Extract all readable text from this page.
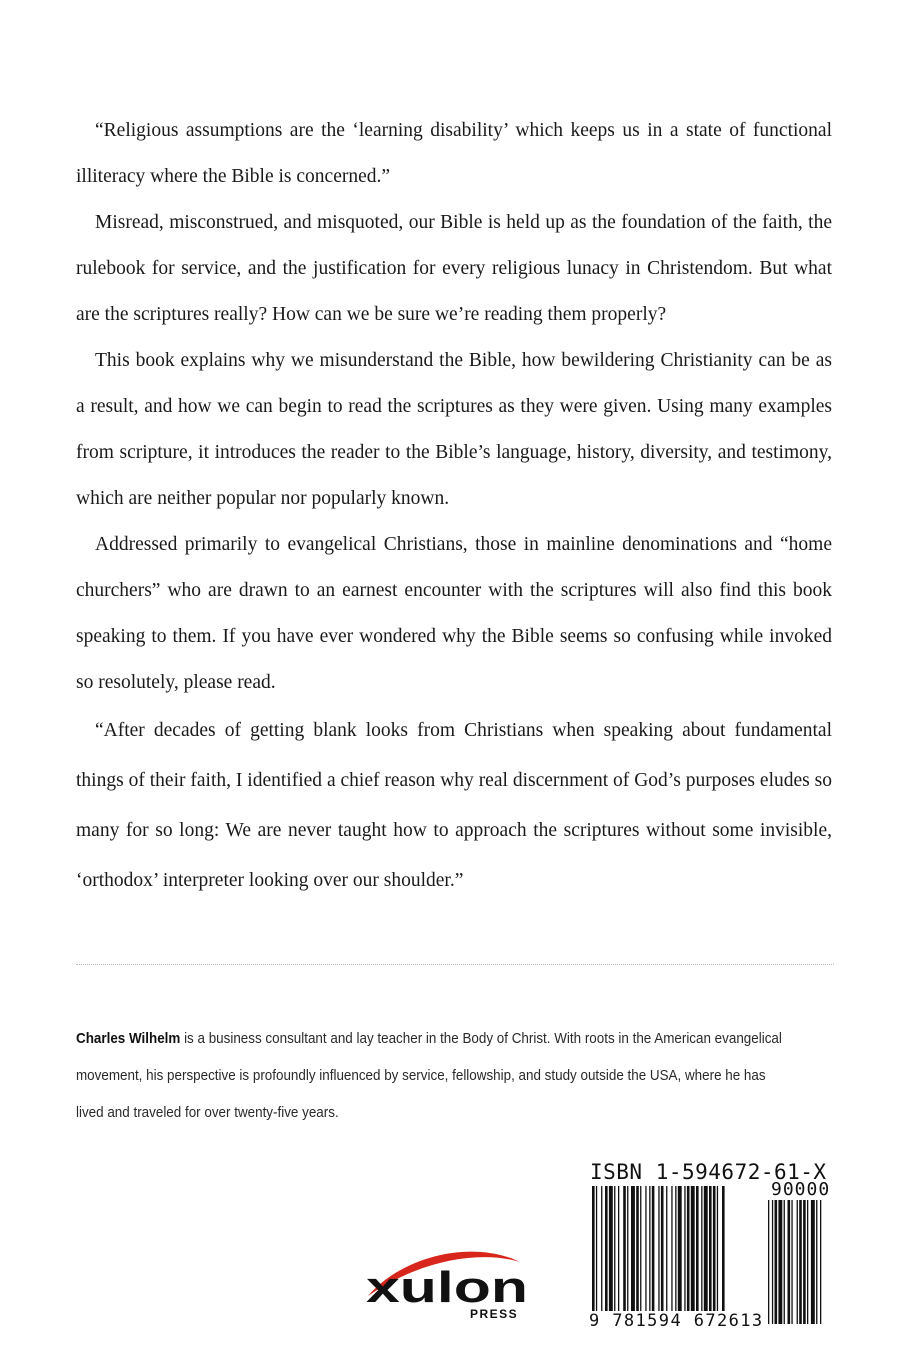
“Religious assumptions are the ‘learning disability’ which keeps us in a state of functional illiteracy where the Bible is concerned.”

Misread, misconstrued, and misquoted, our Bible is held up as the foundation of the faith, the rulebook for service, and the justification for every religious lunacy in Christendom. But what are the scriptures really? How can we be sure we’re reading them properly?

This book explains why we misunderstand the Bible, how bewildering Christianity can be as a result, and how we can begin to read the scriptures as they were given. Using many examples from scripture, it introduces the reader to the Bible’s language, history, diversity, and testimony, which are neither popular nor popularly known.

Addressed primarily to evangelical Christians, those in mainline denominations and “home churchers” who are drawn to an earnest encounter with the scriptures will also find this book speaking to them. If you have ever wondered why the Bible seems so confusing while invoked so resolutely, please read.

“After decades of getting blank looks from Christians when speaking about fundamental things of their faith, I identified a chief reason why real discernment of God’s purposes eludes so many for so long: We are never taught how to approach the scriptures without some invisible, ‘orthodox’ interpreter looking over our shoulder.”

Charles Wilhelm is a business consultant and lay teacher in the Body of Christ. With roots in the American evangelical movement, his perspective is profoundly influenced by service, fellowship, and study outside the USA, where he has lived and traveled for over twenty-five years.
xulon
PRESS
ISBN 1-594672-61-X
90000
9 781594 672613
